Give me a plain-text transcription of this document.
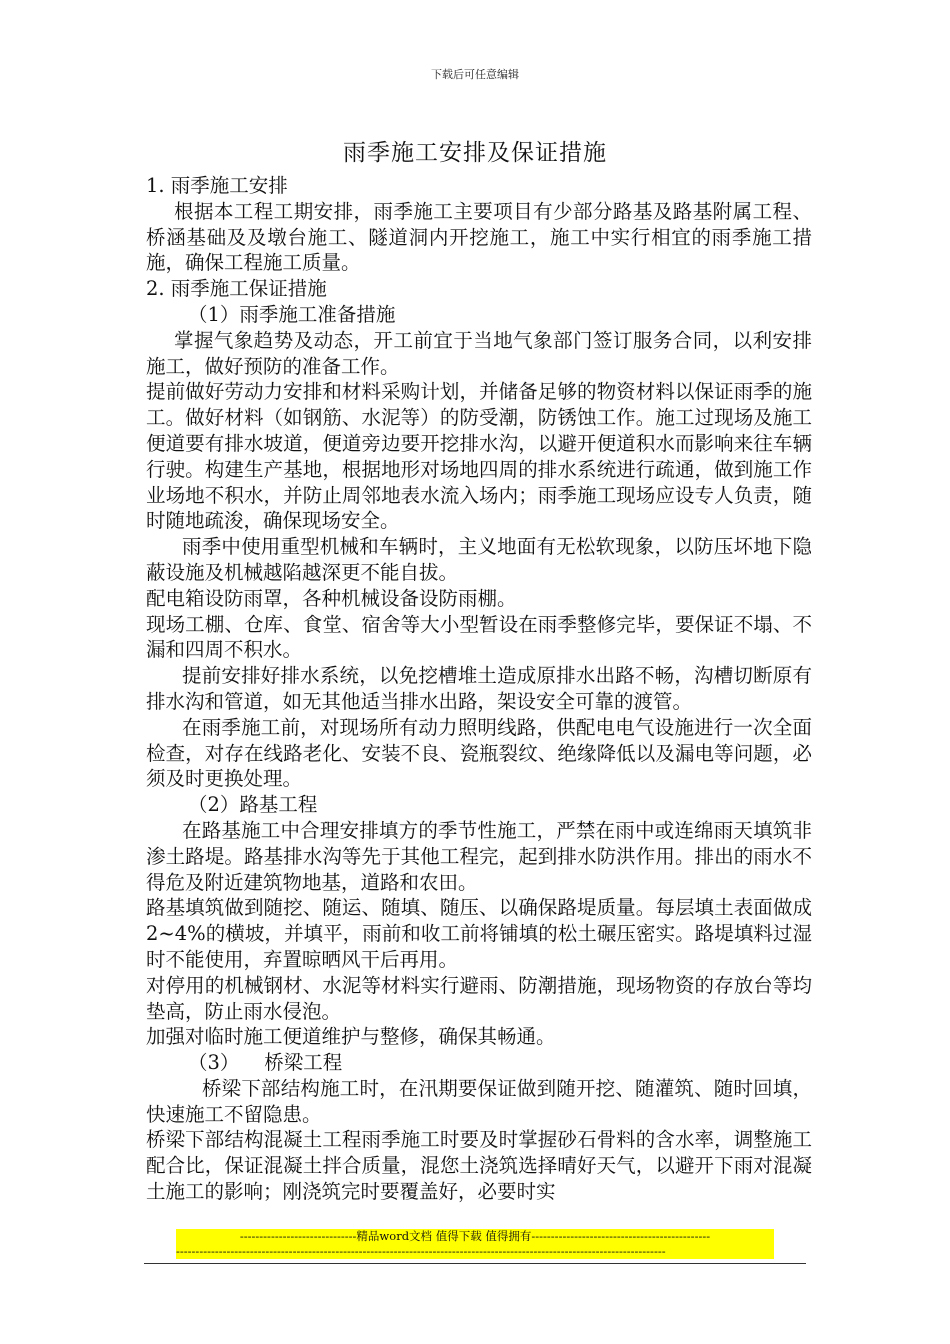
下载后可任意编辑
雨季施工安排及保证措施

1. 雨季施工安排

根据本工程工期安排，雨季施工主要项目有少部分路基及路基附属工程、桥涵基础及及墩台施工、隧道洞内开挖施工，施工中实行相宜的雨季施工措施，确保工程施工质量。

2. 雨季施工保证措施

（1）雨季施工准备措施

掌握气象趋势及动态，开工前宜于当地气象部门签订服务合同，以利安排施工，做好预防的准备工作。

提前做好劳动力安排和材料采购计划，并储备足够的物资材料以保证雨季的施工。做好材料（如钢筋、水泥等）的防受潮，防锈蚀工作。施工过现场及施工便道要有排水坡道，便道旁边要开挖排水沟，以避开便道积水而影响来往车辆行驶。构建生产基地，根据地形对场地四周的排水系统进行疏通，做到施工作业场地不积水，并防止周邻地表水流入场内；雨季施工现场应设专人负责，随时随地疏浚，确保现场安全。

雨季中使用重型机械和车辆时，主义地面有无松软现象，以防压坏地下隐蔽设施及机械越陷越深更不能自拔。

配电箱设防雨罩，各种机械设备设防雨棚。

现场工棚、仓库、食堂、宿舍等大小型暂设在雨季整修完毕，要保证不塌、不漏和四周不积水。

提前安排好排水系统，以免挖槽堆土造成原排水出路不畅，沟槽切断原有排水沟和管道，如无其他适当排水出路，架设安全可靠的渡管。

在雨季施工前，对现场所有动力照明线路，供配电电气设施进行一次全面检查，对存在线路老化、安装不良、瓷瓶裂纹、绝缘降低以及漏电等问题，必须及时更换处理。

（2）路基工程

在路基施工中合理安排填方的季节性施工，严禁在雨中或连绵雨天填筑非渗土路堤。路基排水沟等先于其他工程完，起到排水防洪作用。排出的雨水不得危及附近建筑物地基，道路和农田。

路基填筑做到随挖、随运、随填、随压、以确保路堤质量。每层填土表面做成2~4%的横坡，并填平，雨前和收工前将铺填的松土碾压密实。路堤填料过湿时不能使用，弃置晾晒风干后再用。

对停用的机械钢材、水泥等材料实行避雨、防潮措施，现场物资的存放台等均垫高，防止雨水侵泡。

加强对临时施工便道维护与整修，确保其畅通。

（3）    桥梁工程

桥梁下部结构施工时，在汛期要保证做到随开挖、随灌筑、随时回填，快速施工不留隐患。

桥梁下部结构混凝土工程雨季施工时要及时掌握砂石骨料的含水率，调整施工配合比，保证混凝土拌合质量，混您土浇筑选择晴好天气，以避开下雨对混凝土施工的影响；刚浇筑完时要覆盖好，必要时实

------------------------------精品word文档 值得下载 值得拥有----------------------------------------------
------------------------------------------------------------------------------------------------------------------------------
